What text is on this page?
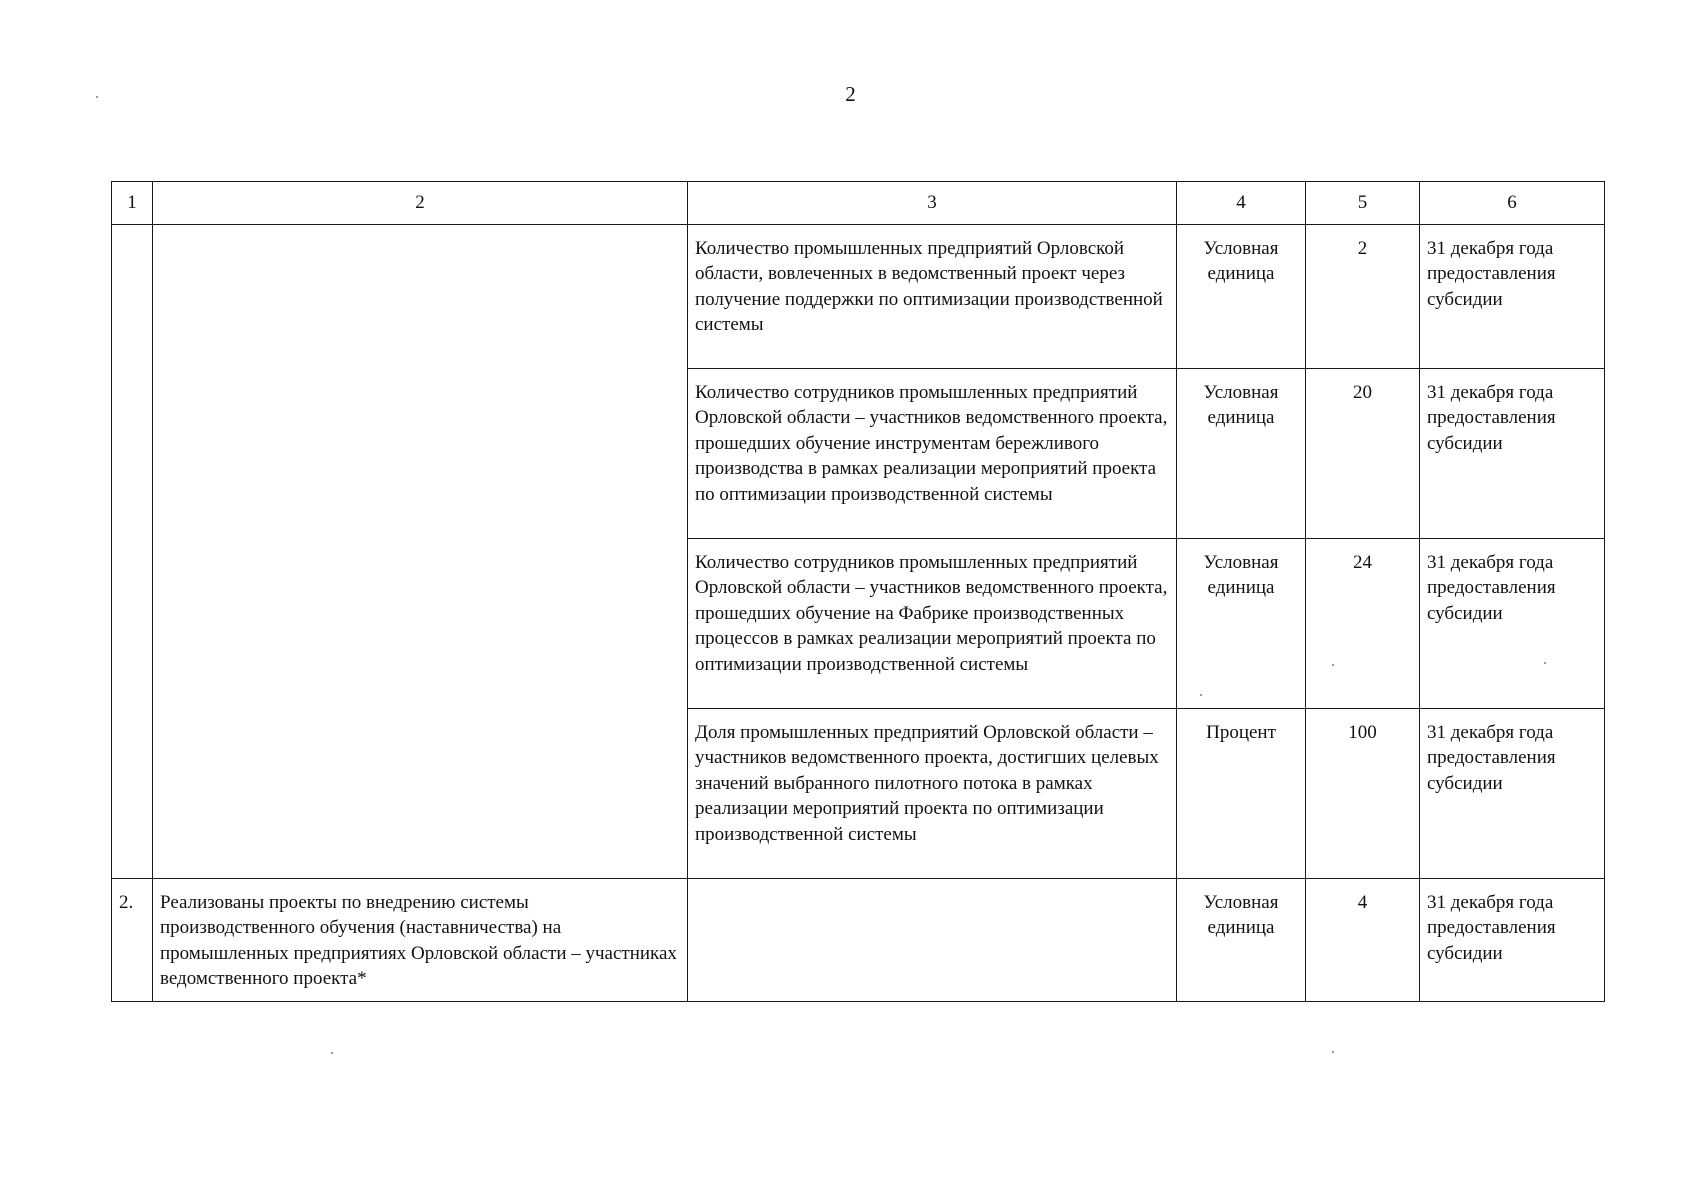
2
1	2	3	4	5	6
		Количество промышленных предприятий Орловской области, вовлеченных в ведомственный проект через получение поддержки по оптимизации производственной системы	Условная единица	2	31 декабря года предоставления субсидии
		Количество сотрудников промышленных предприятий Орловской области – участников ведомственного проекта, прошедших обучение инструментам бережливого производства в рамках реализации мероприятий проекта по оптимизации производственной системы	Условная единица	20	31 декабря года предоставления субсидии
		Количество сотрудников промышленных предприятий Орловской области – участников ведомственного проекта, прошедших обучение на Фабрике производственных процессов в рамках реализации мероприятий проекта по оптимизации производственной системы	Условная единица	24	31 декабря года предоставления субсидии
		Доля промышленных предприятий Орловской области – участников ведомственного проекта, достигших целевых значений выбранного пилотного потока в рамках реализации мероприятий проекта по оптимизации производственной системы	Процент	100	31 декабря года предоставления субсидии
2.	Реализованы проекты по внедрению системы производственного обучения (наставничества) на промышленных предприятиях Орловской области – участниках ведомственного проекта*		Условная единица	4	31 декабря года предоставления субсидии
